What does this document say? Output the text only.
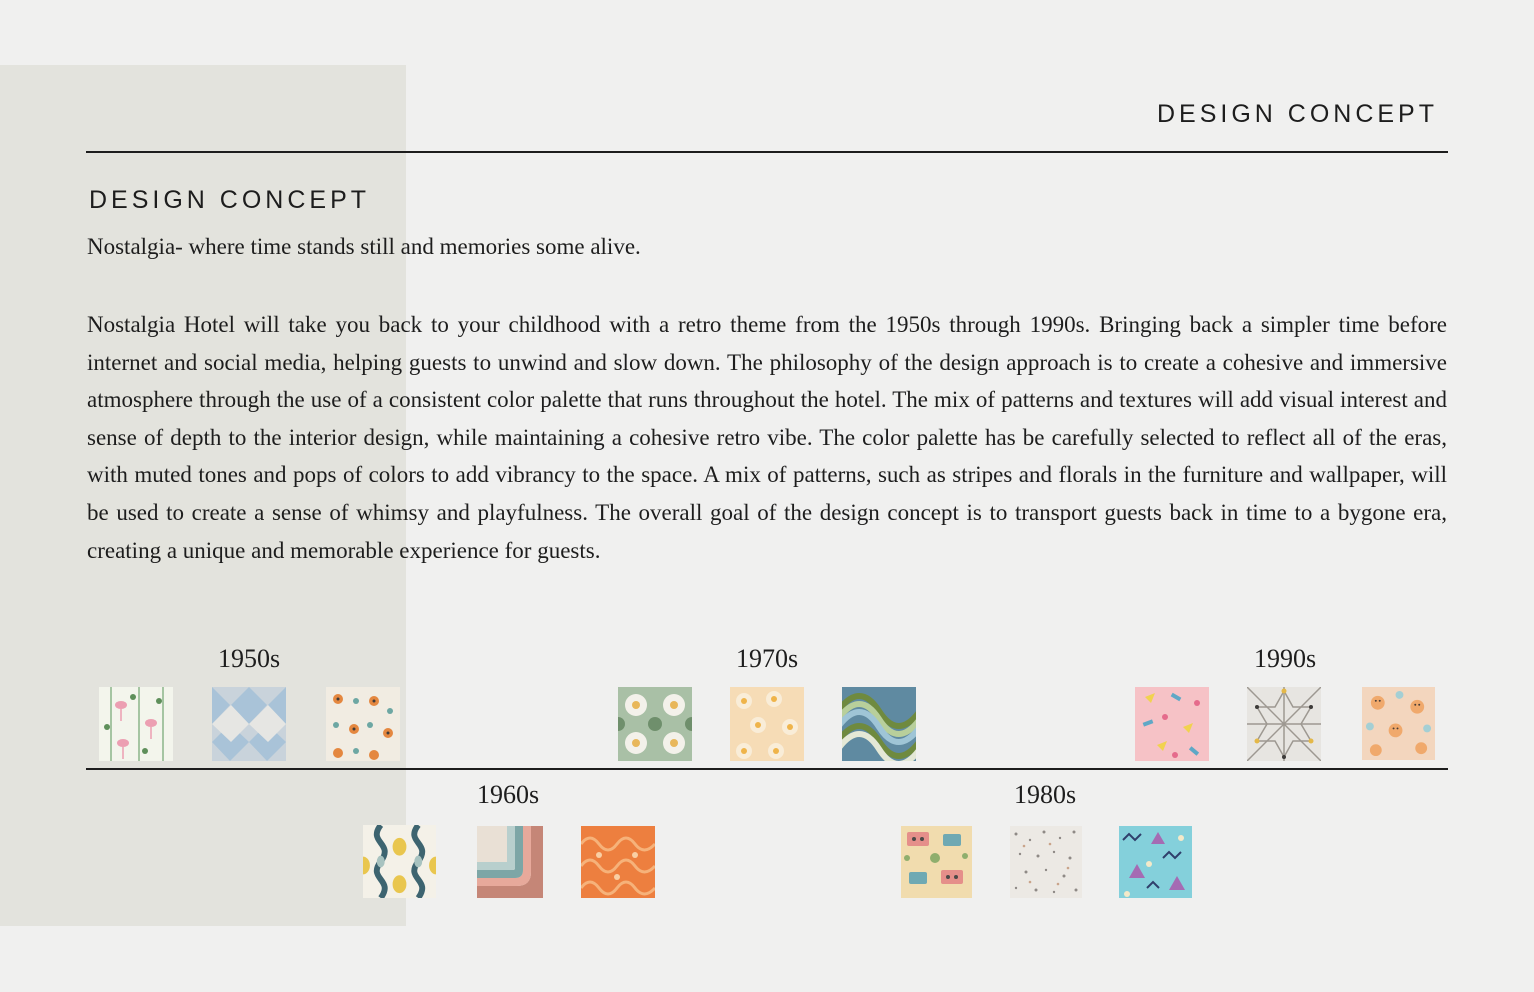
DESIGN CONCEPT
DESIGN CONCEPT
Nostalgia- where time stands still and memories some alive.
Nostalgia Hotel will take you back to your childhood with a retro theme from the 1950s through 1990s. Bringing back a simpler time before internet and social media, helping guests to unwind and slow down. The philosophy of the design approach is to create a cohesive and immersive atmosphere through the use of a consistent color palette that runs throughout the hotel. The mix of patterns and textures will add visual interest and sense of depth to the interior design, while maintaining a cohesive retro vibe. The color palette has be carefully selected to reflect all of the eras, with muted tones and pops of colors to add vibrancy to the space. A mix of patterns, such as stripes and florals in the furniture and wallpaper, will be used to create a sense of whimsy and playfulness. The overall goal of the design concept is to transport guests back in time to a bygone era, creating a unique and memorable experience for guests.
1950s
1960s
1970s
1980s
1990s
